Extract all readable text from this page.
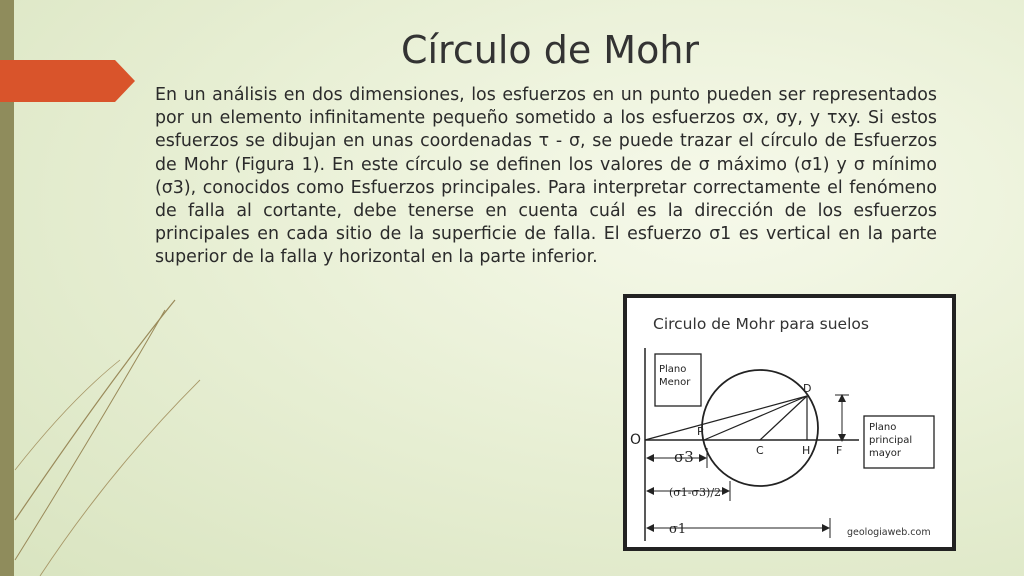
Círculo de Mohr

En un análisis en dos dimensiones, los esfuerzos en un punto pueden ser representados por un elemento infinitamente pequeño sometido a los esfuerzos σx, σy, y τxy. Si estos esfuerzos se dibujan en unas coordenadas τ - σ, se puede trazar el círculo de Esfuerzos de Mohr (Figura 1). En este círculo se definen los valores de σ máximo (σ1) y σ mínimo (σ3), conocidos como Esfuerzos principales. Para interpretar correctamente el fenómeno de falla al cortante, debe tenerse en cuenta cuál es la dirección de los esfuerzos principales en cada sitio de la superficie de falla. El esfuerzo σ1 es vertical en la parte superior de la falla y horizontal en la parte inferior.

Circulo de Mohr para suelos
Plano
Menor
O
P
C	H F
D
Plano
principal
mayor
σ3
(σ1-σ3)/2
σ1	geologiaweb.com
